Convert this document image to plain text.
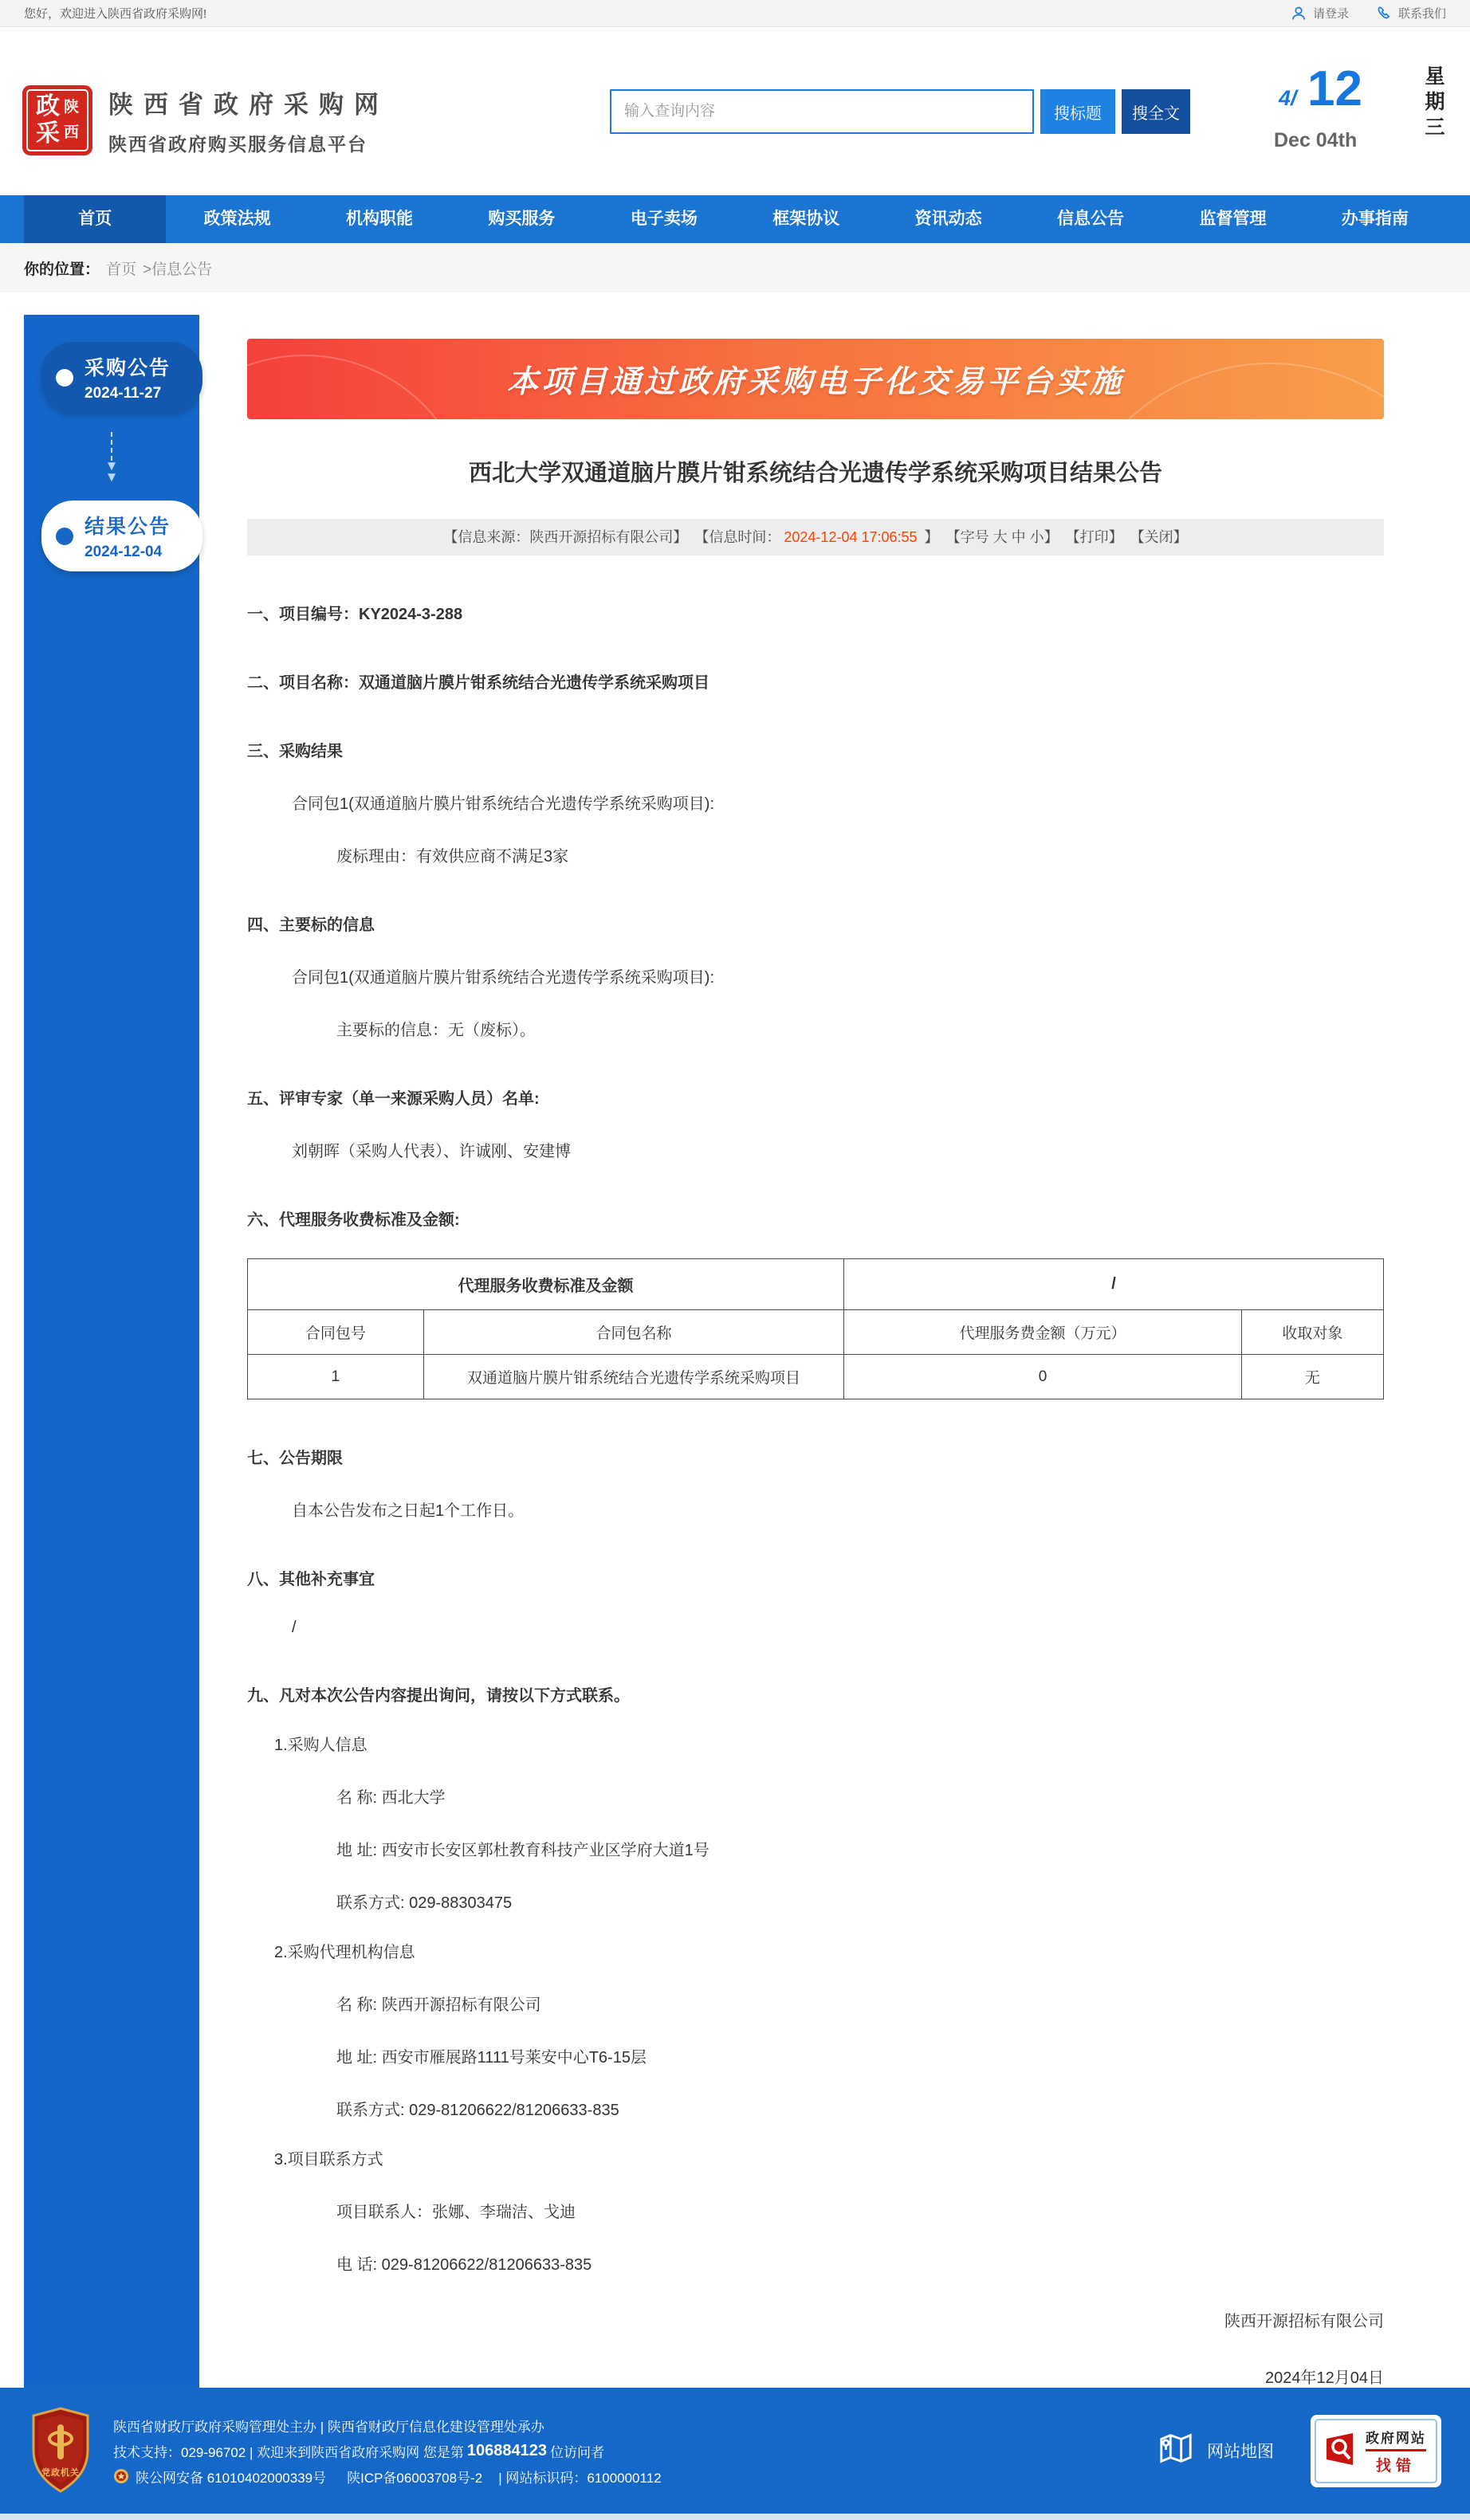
您好，欢迎进入陕西省政府采购网!	请登录	联系我们
政采
陕西
陕西省政府采购网
陕西省政府购买服务信息平台
输入查询内容
搜标题	搜全文
4/ 12
Dec 04th
星期三
首页	政策法规	机构职能	购买服务	电子卖场	框架协议	资讯动态	信息公告	监督管理	办事指南
你的位置： 首页 >信息公告
采购公告
2024-11-27
▼
▼
结果公告
2024-12-04
本项目通过政府采购电子化交易平台实施
西北大学双通道脑片膜片钳系统结合光遗传学系统采购项目结果公告
【信息来源：陕西开源招标有限公司】 【信息时间： 2024-12-04 17:06:55 】 【字号 大 中 小】 【打印】 【关闭】
一、项目编号：KY2024-3-288
二、项目名称：双通道脑片膜片钳系统结合光遗传学系统采购项目
三、采购结果
合同包1(双通道脑片膜片钳系统结合光遗传学系统采购项目):
废标理由：有效供应商不满足3家
四、主要标的信息
合同包1(双通道脑片膜片钳系统结合光遗传学系统采购项目):
主要标的信息：无（废标）。
五、评审专家（单一来源采购人员）名单:
刘朝晖（采购人代表）、许诚刚、安建博
六、代理服务收费标准及金额:
代理服务收费标准及金额		/	
合同包号	合同包名称	代理服务费金额（万元）	收取对象
1	双通道脑片膜片钳系统结合光遗传学系统采购项目	0	无
七、公告期限
自本公告发布之日起1个工作日。
八、其他补充事宜
/
九、凡对本次公告内容提出询问，请按以下方式联系。
1.采购人信息
名 称: 西北大学
地 址: 西安市长安区郭杜教育科技产业区学府大道1号
联系方式: 029-88303475
2.采购代理机构信息
名 称: 陕西开源招标有限公司
地 址: 西安市雁展路1111号莱安中心T6-15层
联系方式: 029-81206622/81206633-835
3.项目联系方式
项目联系人：张娜、李瑞洁、戈迪
电 话: 029-81206622/81206633-835
陕西开源招标有限公司
2024年12月04日
党政机关
陕西省财政厅政府采购管理处主办 | 陕西省财政厅信息化建设管理处承办
技术支持：029-96702 | 欢迎来到陕西省政府采购网 您是第 106884123 位访问者
陕公网安备 61010402000339号 陕ICP备06003708号-2 | 网站标识码：6100000112
网站地图
政府网站
找错
